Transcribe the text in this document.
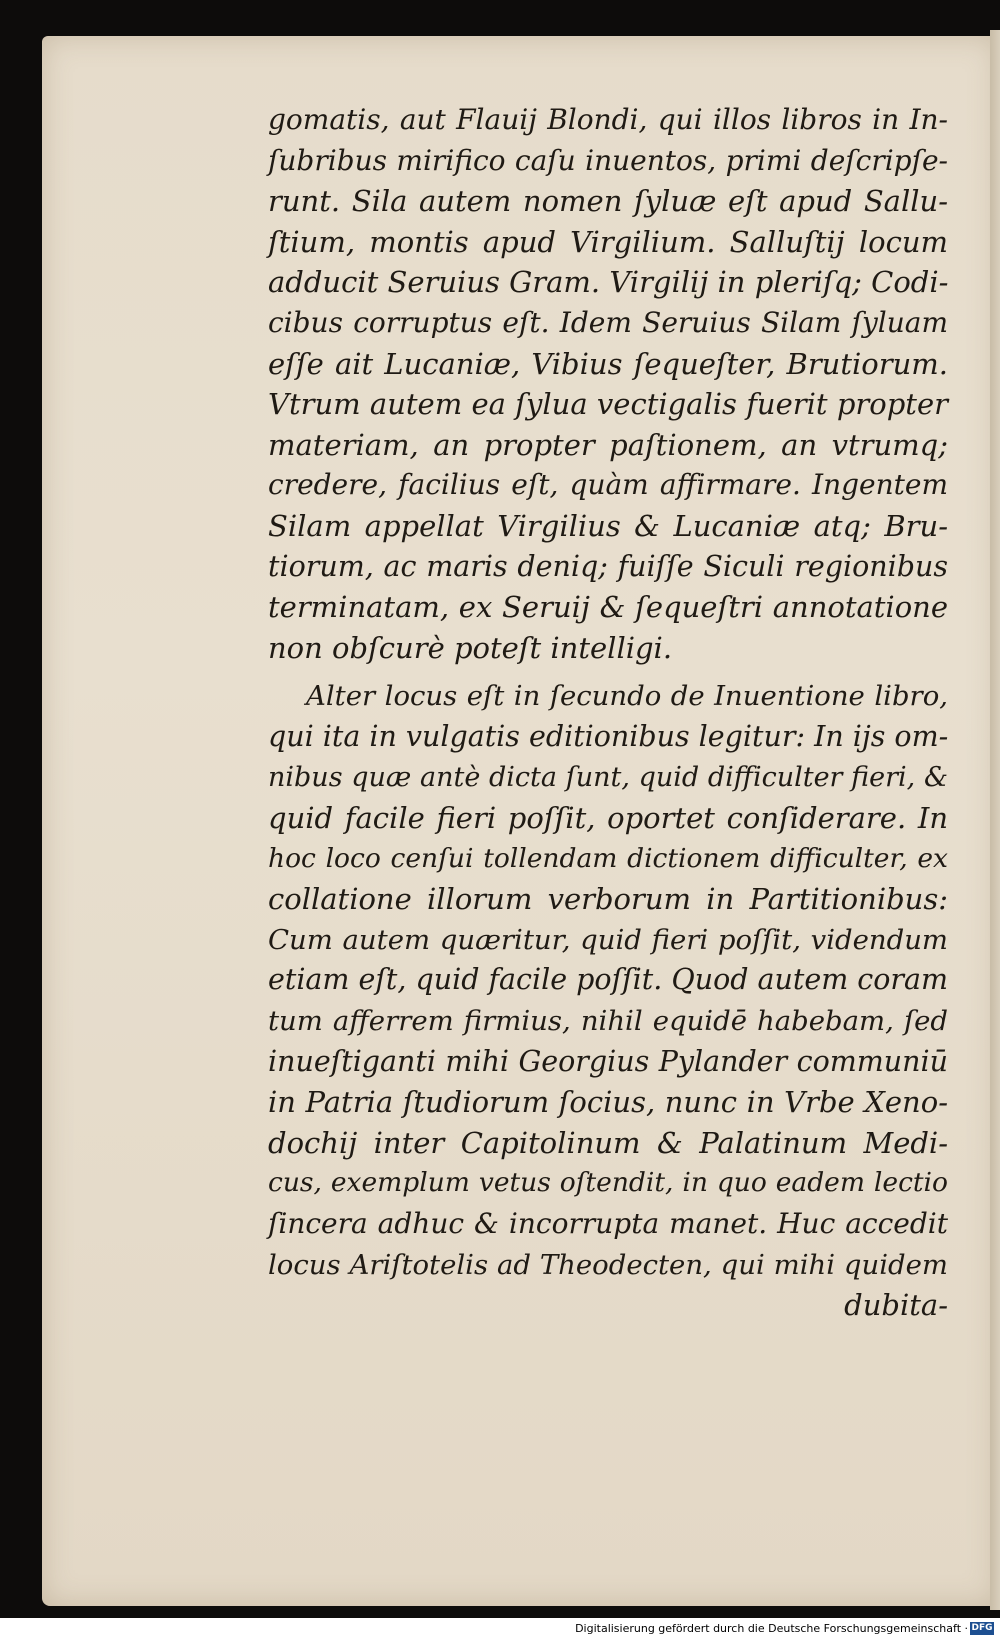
gomatis, aut Flauij Blondi, qui illos libros in In-
ſubribus mirifico caſu inuentos, primi deſcripſe-
runt. Sila autem nomen ſyluæ eſt apud Sallu-
ſtium, montis apud Virgilium. Salluſtij locum
adducit Seruius Gram. Virgilij in pleriſq; Codi-
cibus corruptus eſt. Idem Seruius Silam ſyluam
eſſe ait Lucaniæ, Vibius ſequeſter, Brutiorum.
Vtrum autem ea ſylua vectigalis fuerit propter
materiam, an propter paſtionem, an vtrumq;
credere, facilius eſt, quàm affirmare. Ingentem
Silam appellat Virgilius & Lucaniæ atq; Bru-
tiorum, ac maris deniq; fuiſſe Siculi regionibus
terminatam, ex Seruij & ſequeſtri annotatione
non obſcurè poteſt intelligi.
Alter locus eſt in ſecundo de Inuentione libro,
qui ita in vulgatis editionibus legitur: In ijs om-
nibus quæ antè dicta ſunt, quid difficulter fieri, &
quid facile fieri poſſit, oportet conſiderare. In
hoc loco cenſui tollendam dictionem difficulter, ex
collatione illorum verborum in Partitionibus:
Cum autem quæritur, quid fieri poſſit, videndum
etiam eſt, quid facile poſſit. Quod autem coram
tum afferrem firmius, nihil equidē habebam, ſed
inueſtiganti mihi Georgius Pylander communiū
in Patria ſtudiorum ſocius, nunc in Vrbe Xeno-
dochij inter Capitolinum & Palatinum Medi-
cus, exemplum vetus oſtendit, in quo eadem lectio
ſincera adhuc & incorrupta manet. Huc accedit
locus Ariſtotelis ad Theodecten, qui mihi quidem
dubita-
Digitalisierung gefördert durch die Deutsche Forschungsgemeinschaft · DFG
